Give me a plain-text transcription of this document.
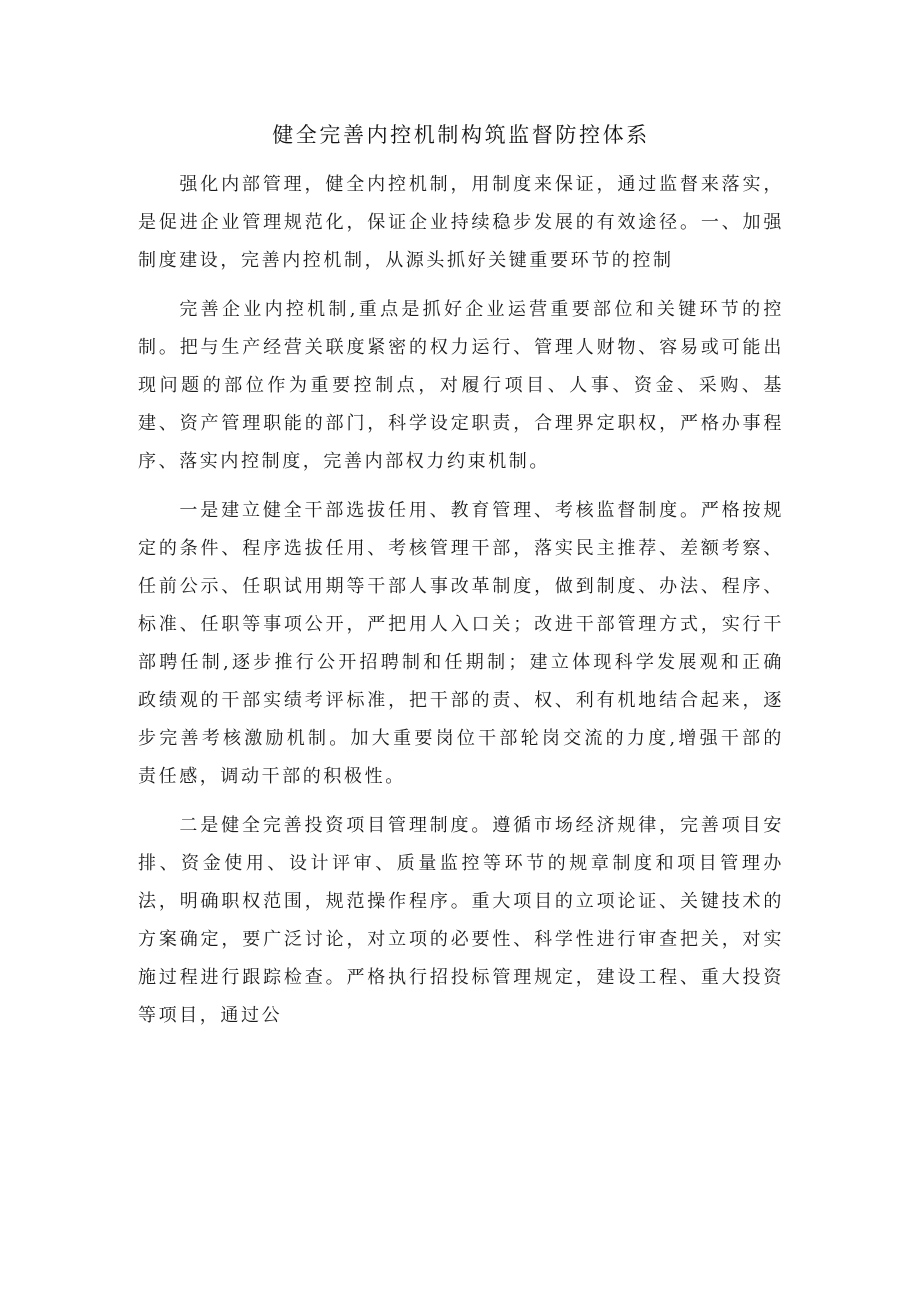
健全完善内控机制构筑监督防控体系

强化内部管理，健全内控机制，用制度来保证，通过监督来落实，是促进企业管理规范化，保证企业持续稳步发展的有效途径。一、加强制度建设，完善内控机制，从源头抓好关键重要环节的控制

完善企业内控机制,重点是抓好企业运营重要部位和关键环节的控制。把与生产经营关联度紧密的权力运行、管理人财物、容易或可能出现问题的部位作为重要控制点，对履行项目、人事、资金、采购、基建、资产管理职能的部门，科学设定职责，合理界定职权，严格办事程序、落实内控制度，完善内部权力约束机制。

一是建立健全干部选拔任用、教育管理、考核监督制度。严格按规定的条件、程序选拔任用、考核管理干部，落实民主推荐、差额考察、任前公示、任职试用期等干部人事改革制度，做到制度、办法、程序、标准、任职等事项公开，严把用人入口关；改进干部管理方式，实行干部聘任制,逐步推行公开招聘制和任期制；建立体现科学发展观和正确政绩观的干部实绩考评标准，把干部的责、权、利有机地结合起来，逐步完善考核激励机制。加大重要岗位干部轮岗交流的力度,增强干部的责任感，调动干部的积极性。

二是健全完善投资项目管理制度。遵循市场经济规律，完善项目安排、资金使用、设计评审、质量监控等环节的规章制度和项目管理办法，明确职权范围，规范操作程序。重大项目的立项论证、关键技术的方案确定，要广泛讨论，对立项的必要性、科学性进行审查把关，对实施过程进行跟踪检查。严格执行招投标管理规定，建设工程、重大投资等项目，通过公
